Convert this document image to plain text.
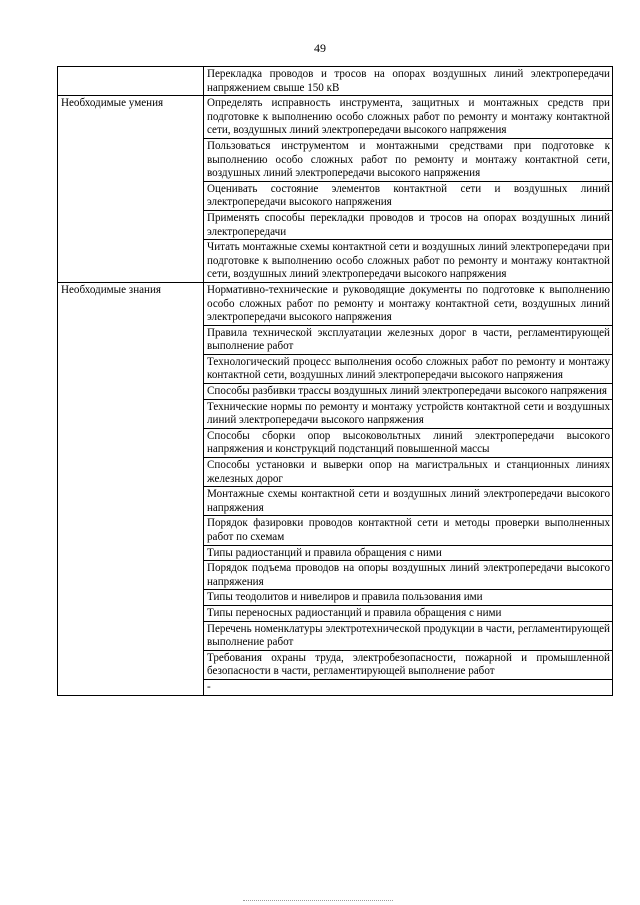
49
	Перекладка проводов и тросов на опорах воздушных линий электропередачи напряжением свыше 150 кВ
Необходимые умения	Определять исправность инструмента, защитных и монтажных средств при подготовке к выполнению особо сложных работ по ремонту и монтажу контактной сети, воздушных линий электропередачи высокого напряжения
	Пользоваться инструментом и монтажными средствами при подготовке к выполнению особо сложных работ по ремонту и монтажу контактной сети, воздушных линий электропередачи высокого напряжения
	Оценивать состояние элементов контактной сети и воздушных линий электропередачи высокого напряжения
	Применять способы перекладки проводов и тросов на опорах воздушных линий электропередачи
	Читать монтажные схемы контактной сети и воздушных линий электропередачи при подготовке к выполнению особо сложных работ по ремонту и монтажу контактной сети, воздушных линий электропередачи высокого напряжения
Необходимые знания	Нормативно-технические и руководящие документы по подготовке к выполнению особо сложных работ по ремонту и монтажу контактной сети, воздушных линий электропередачи высокого напряжения
	Правила технической эксплуатации железных дорог в части, регламентирующей выполнение работ
	Технологический процесс выполнения особо сложных работ по ремонту и монтажу контактной сети, воздушных линий электропередачи высокого напряжения
	Способы разбивки трассы воздушных линий электропередачи высокого напряжения
	Технические нормы по ремонту и монтажу устройств контактной сети и воздушных линий электропередачи высокого напряжения
	Способы сборки опор высоковольтных линий электропередачи высокого напряжения и конструкций подстанций повышенной массы
	Способы установки и выверки опор на магистральных и станционных линиях железных дорог
	Монтажные схемы контактной сети и воздушных линий электропередачи высокого напряжения
	Порядок фазировки проводов контактной сети и методы проверки выполненных работ по схемам
	Типы радиостанций и правила обращения с ними
	Порядок подъема проводов на опоры воздушных линий электропередачи высокого напряжения
	Типы теодолитов и нивелиров и правила пользования ими
	Типы переносных радиостанций и правила обращения с ними
	Перечень номенклатуры электротехнической продукции в части, регламентирующей выполнение работ
	Требования охраны труда, электробезопасности, пожарной и промышленной безопасности в части, регламентирующей выполнение работ
	-
